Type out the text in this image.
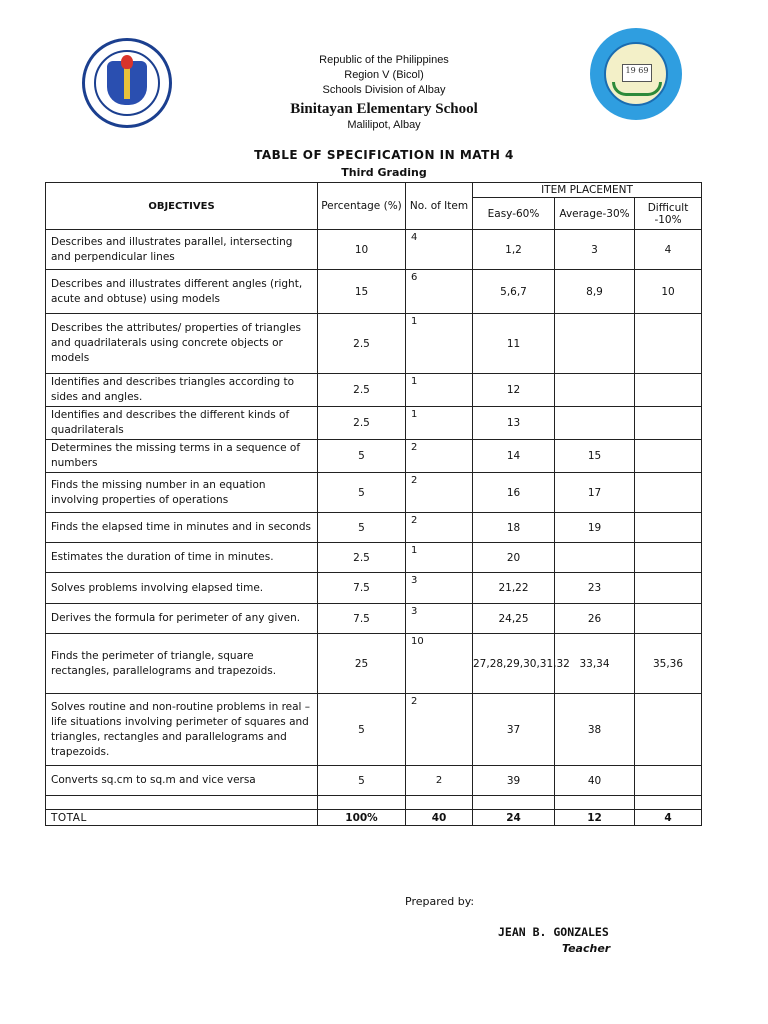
19 69
Republic of the Philippines
Region V (Bicol)
Schools Division of Albay
Binitayan Elementary School
Malilipot, Albay
TABLE OF SPECIFICATION IN MATH 4
Third Grading
OBJECTIVES	Percentage (%)	No. of Item	ITEM PLACEMENT		
			Easy-60%	Average-30%	Difficult -10%
Describes and illustrates parallel, intersecting and perpendicular lines	10	4	1,2	3	4
Describes and illustrates different angles (right, acute and obtuse) using models	15	6	5,6,7	8,9	10
Describes the attributes/ properties of triangles and quadrilaterals using concrete objects or models	2.5	1	11		
Identifies and describes triangles according to sides and angles.	2.5	1	12		
Identifies and describes the different kinds of quadrilaterals	2.5	1	13		
Determines the missing terms in a sequence of numbers	5	2	14	15	
Finds the missing number in an equation involving properties of operations	5	2	16	17	
Finds the elapsed time in minutes and in seconds	5	2	18	19	
Estimates the duration of time in minutes.	2.5	1	20		
Solves problems involving elapsed time.	7.5	3	21,22	23	
Derives the formula for perimeter of any given.	7.5	3	24,25	26	
Finds the perimeter of triangle, square rectangles, parallelograms and trapezoids.	25	10	27,28,29,30,31,32	33,34	35,36
Solves routine and non-routine problems in real –life situations involving perimeter of squares and triangles, rectangles and parallelograms and trapezoids.	5	2	37	38	
Converts sq.cm to sq.m and vice versa	5	2	39	40	

TOTAL	100%	40	24	12	4
Prepared by:
JEAN B. GONZALES
Teacher
